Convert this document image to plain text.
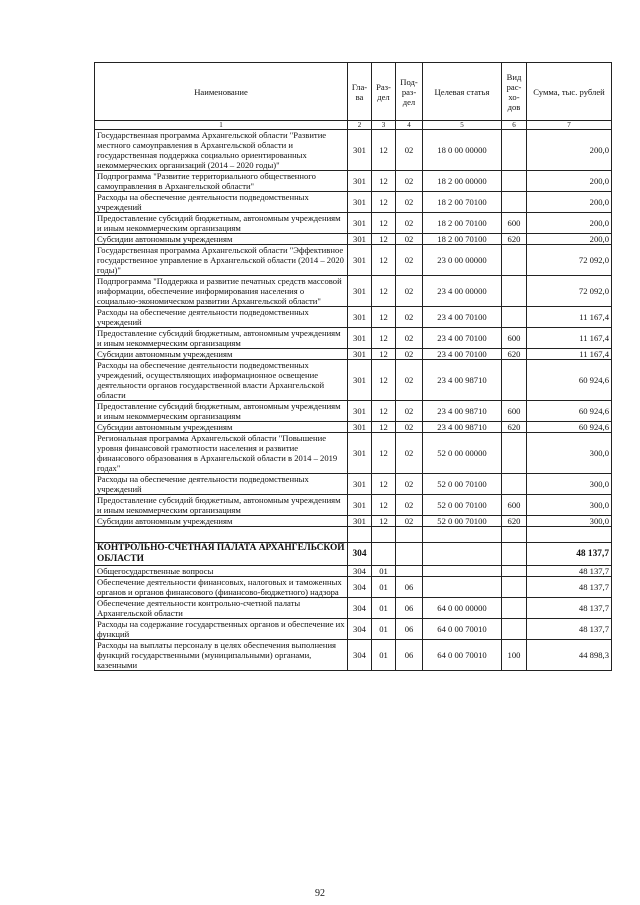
Наименование	Гла-ва	Раз-дел	Под-раз-дел	Целевая статья	Вид рас-хо-дов	Сумма, тыс. рублей
1	2	3	4	5	6	7
Государственная программа Архангельской области "Развитие местного самоуправления в Архангельской области и государственная поддержка социально ориентированных некоммерческих организаций (2014 – 2020 годы)"	301	12	02	18 0 00 00000		200,0
Подпрограмма "Развитие территориального общественного самоуправления в Архангельской области"	301	12	02	18 2 00 00000		200,0
Расходы на обеспечение деятельности подведомственных учреждений	301	12	02	18 2 00 70100		200,0
Предоставление субсидий бюджетным, автономным учреждениям и иным некоммерческим организациям	301	12	02	18 2 00 70100	600	200,0
Субсидии автономным учреждениям	301	12	02	18 2 00 70100	620	200,0
Государственная программа Архангельской области "Эффективное государственное управление в Архангельской области (2014 – 2020 годы)"	301	12	02	23 0 00 00000		72 092,0
Подпрограмма "Поддержка и развитие печатных средств массовой информации, обеспечение информирования населения о социально-экономическом развитии Архангельской области"	301	12	02	23 4 00 00000		72 092,0
Расходы на обеспечение деятельности подведомственных учреждений	301	12	02	23 4 00 70100		11 167,4
Предоставление субсидий бюджетным, автономным учреждениям и иным некоммерческим организациям	301	12	02	23 4 00 70100	600	11 167,4
Субсидии автономным учреждениям	301	12	02	23 4 00 70100	620	11 167,4
Расходы на обеспечение деятельности подведомственных учреждений, осуществляющих информационное освещение деятельности органов государственной власти Архангельской области	301	12	02	23 4 00 98710		60 924,6
Предоставление субсидий бюджетным, автономным учреждениям и иным некоммерческим организациям	301	12	02	23 4 00 98710	600	60 924,6
Субсидии автономным учреждениям	301	12	02	23 4 00 98710	620	60 924,6
Региональная программа Архангельской области "Повышение уровня финансовой грамотности населения и развитие финансового образования в Архангельской области в 2014 – 2019 годах"	301	12	02	52 0 00 00000		300,0
Расходы на обеспечение деятельности подведомственных учреждений	301	12	02	52 0 00 70100		300,0
Предоставление субсидий бюджетным, автономным учреждениям и иным некоммерческим организациям	301	12	02	52 0 00 70100	600	300,0
Субсидии автономным учреждениям	301	12	02	52 0 00 70100	620	300,0

КОНТРОЛЬНО-СЧЕТНАЯ ПАЛАТА АРХАНГЕЛЬСКОЙ ОБЛАСТИ	304					48 137,7
Общегосударственные вопросы	304	01				48 137,7
Обеспечение деятельности финансовых, налоговых и таможенных органов и органов финансового (финансово-бюджетного) надзора	304	01	06			48 137,7
Обеспечение деятельности контрольно-счетной палаты Архангельской области	304	01	06	64 0 00 00000		48 137,7
Расходы на содержание государственных органов и обеспечение их функций	304	01	06	64 0 00 70010		48 137,7
Расходы на выплаты персоналу в целях обеспечения выполнения функций государственными (муниципальными) органами, казенными	304	01	06	64 0 00 70010	100	44 898,3
92
